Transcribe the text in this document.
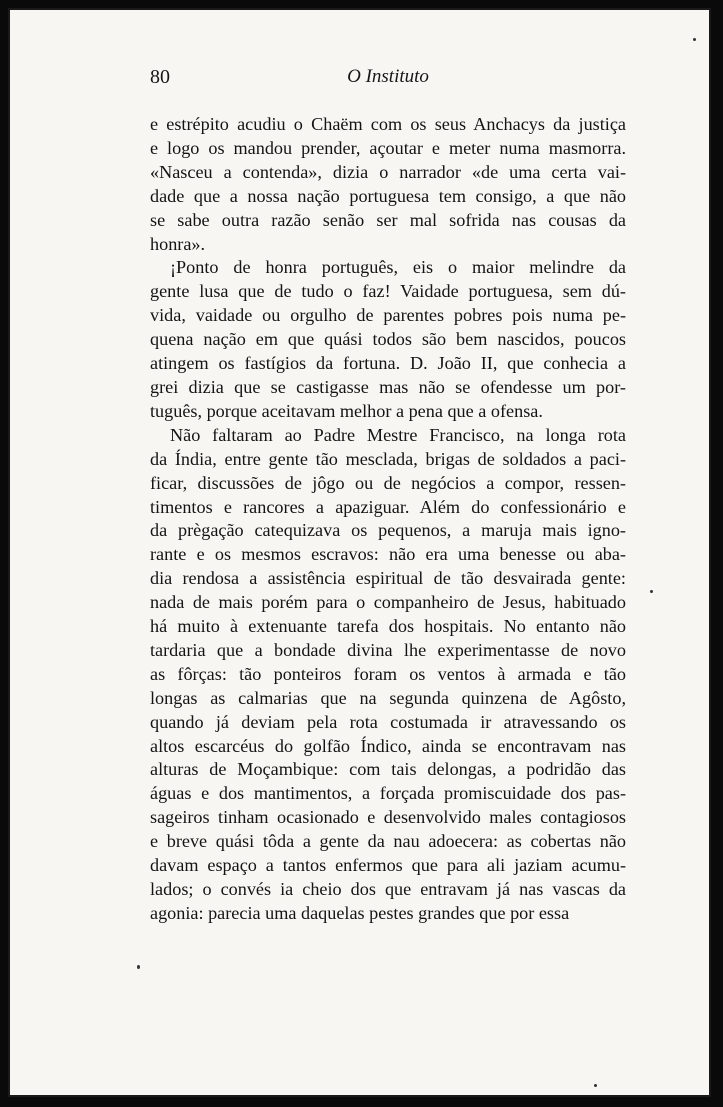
80	O Instituto
e estrépito acudiu o Chaëm com os seus Anchacys da justiça
e logo os mandou prender, açoutar e meter numa masmorra.
«Nasceu a contenda», dizia o narrador «de uma certa vai-
dade que a nossa nação portuguesa tem consigo, a que não
se sabe outra razão senão ser mal sofrida nas cousas da
honra».
¡Ponto de honra português, eis o maior melindre da
gente lusa que de tudo o faz! Vaidade portuguesa, sem dú-
vida, vaidade ou orgulho de parentes pobres pois numa pe-
quena nação em que quási todos são bem nascidos, poucos
atingem os fastígios da fortuna. D. João II, que conhecia a
grei dizia que se castigasse mas não se ofendesse um por-
tuguês, porque aceitavam melhor a pena que a ofensa.
Não faltaram ao Padre Mestre Francisco, na longa rota
da Índia, entre gente tão mesclada, brigas de soldados a paci-
ficar, discussões de jôgo ou de negócios a compor, ressen-
timentos e rancores a apaziguar. Além do confessionário e
da prègação catequizava os pequenos, a maruja mais igno-
rante e os mesmos escravos: não era uma benesse ou aba-
dia rendosa a assistência espiritual de tão desvairada gente:
nada de mais porém para o companheiro de Jesus, habituado
há muito à extenuante tarefa dos hospitais. No entanto não
tardaria que a bondade divina lhe experimentasse de novo
as fôrças: tão ponteiros foram os ventos à armada e tão
longas as calmarias que na segunda quinzena de Agôsto,
quando já deviam pela rota costumada ir atravessando os
altos escarcéus do golfão Índico, ainda se encontravam nas
alturas de Moçambique: com tais delongas, a podridão das
águas e dos mantimentos, a forçada promiscuidade dos pas-
sageiros tinham ocasionado e desenvolvido males contagiosos
e breve quási tôda a gente da nau adoecera: as cobertas não
davam espaço a tantos enfermos que para ali jaziam acumu-
lados; o convés ia cheio dos que entravam já nas vascas da
agonia: parecia uma daquelas pestes grandes que por essa
